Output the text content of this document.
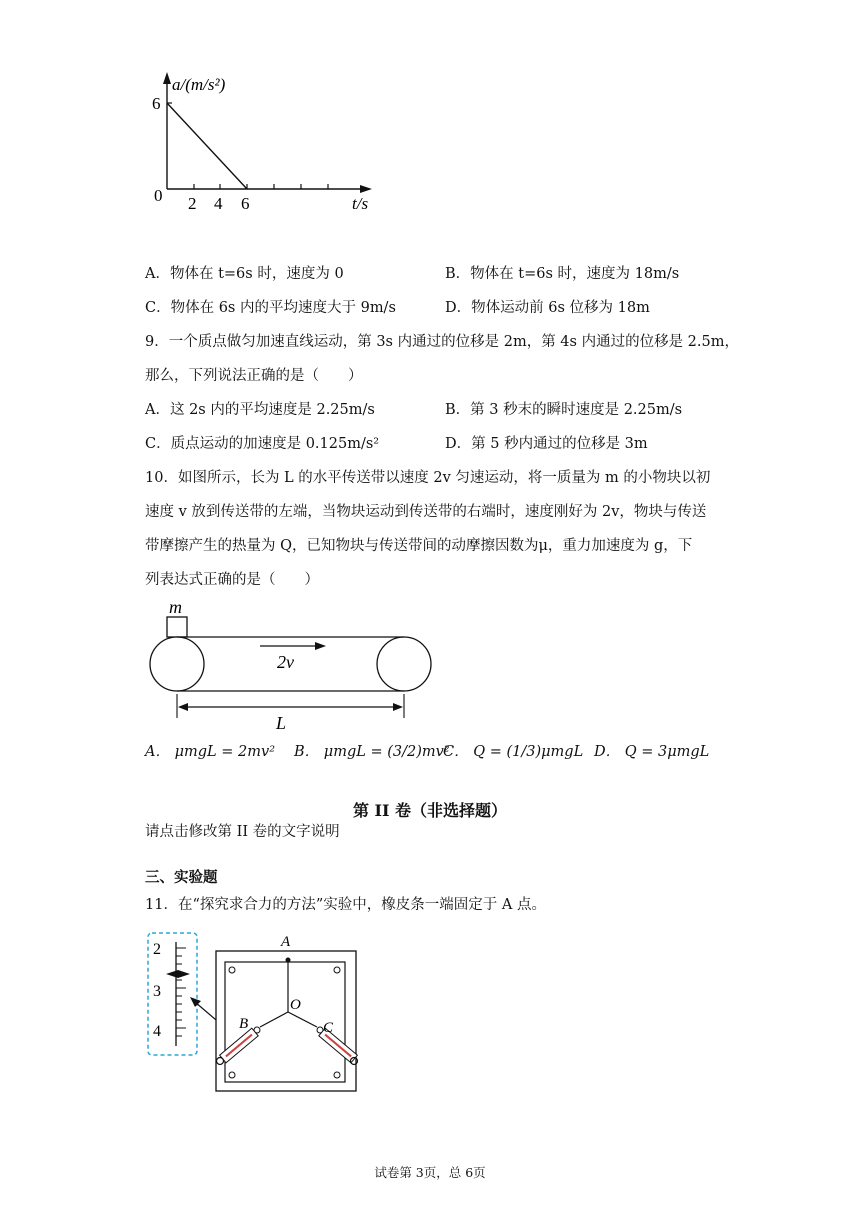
a/(m/s²)
6
0 2 4 6	t/s
A．物体在 t=6s 时，速度为 0	B．物体在 t=6s 时，速度为 18m/s
C．物体在 6s 内的平均速度大于 9m/s	D．物体运动前 6s 位移为 18m
9．一个质点做匀加速直线运动，第 3s 内通过的位移是 2m，第 4s 内通过的位移是 2.5m，
那么，下列说法正确的是（　　）
A．这 2s 内的平均速度是 2.25m/s	B．第 3 秒末的瞬时速度是 2.25m/s
C．质点运动的加速度是 0.125m/s²	D．第 5 秒内通过的位移是 3m
10．如图所示，长为 L 的水平传送带以速度 2v 匀速运动，将一质量为 m 的小物块以初
速度 v 放到传送带的左端，当物块运动到传送带的右端时，速度刚好为 2v，物块与传送
带摩擦产生的热量为 Q，已知物块与传送带间的动摩擦因数为μ，重力加速度为 g，下
列表达式正确的是（　　）
m
2v
L
A． μmgL = 2mv² B． μmgL = (3/2)mv²
C． Q = (1/3)μmgL D． Q = 3μmgL
第 II 卷（非选择题）
请点击修改第 II 卷的文字说明
三、实验题
11．在“探究求合力的方法”实验中，橡皮条一端固定于 A 点。
2
3
4
A
O
B	C
试卷第 3页，总 6页
